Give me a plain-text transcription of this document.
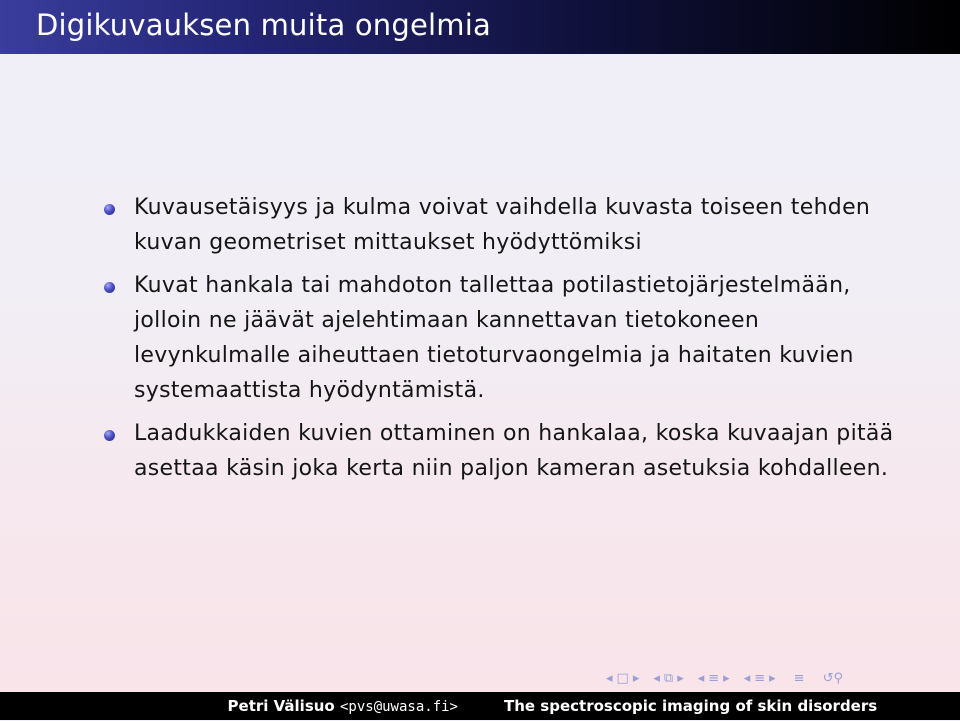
Digikuvauksen muita ongelmia
Kuvausetäisyys ja kulma voivat vaihdella kuvasta toiseen tehden kuvan geometriset mittaukset hyödyttömiksi
Kuvat hankala tai mahdoton tallettaa potilastietojärjestelmään, jolloin ne jäävät ajelehtimaan kannettavan tietokoneen levynkulmalle aiheuttaen tietoturvaongelmia ja haitaten kuvien systemaattista hyödyntämistä.
Laadukkaiden kuvien ottaminen on hankalaa, koska kuvaajan pitää asettaa käsin joka kerta niin paljon kameran asetuksia kohdalleen.
◂ □ ▸ ◂ ⧉ ▸ ◂ ≡ ▸ ◂ ≡ ▸ ≡ ↺⚲
Petri Välisuo <pvs@uwasa.fi>	The spectroscopic imaging of skin disorders
